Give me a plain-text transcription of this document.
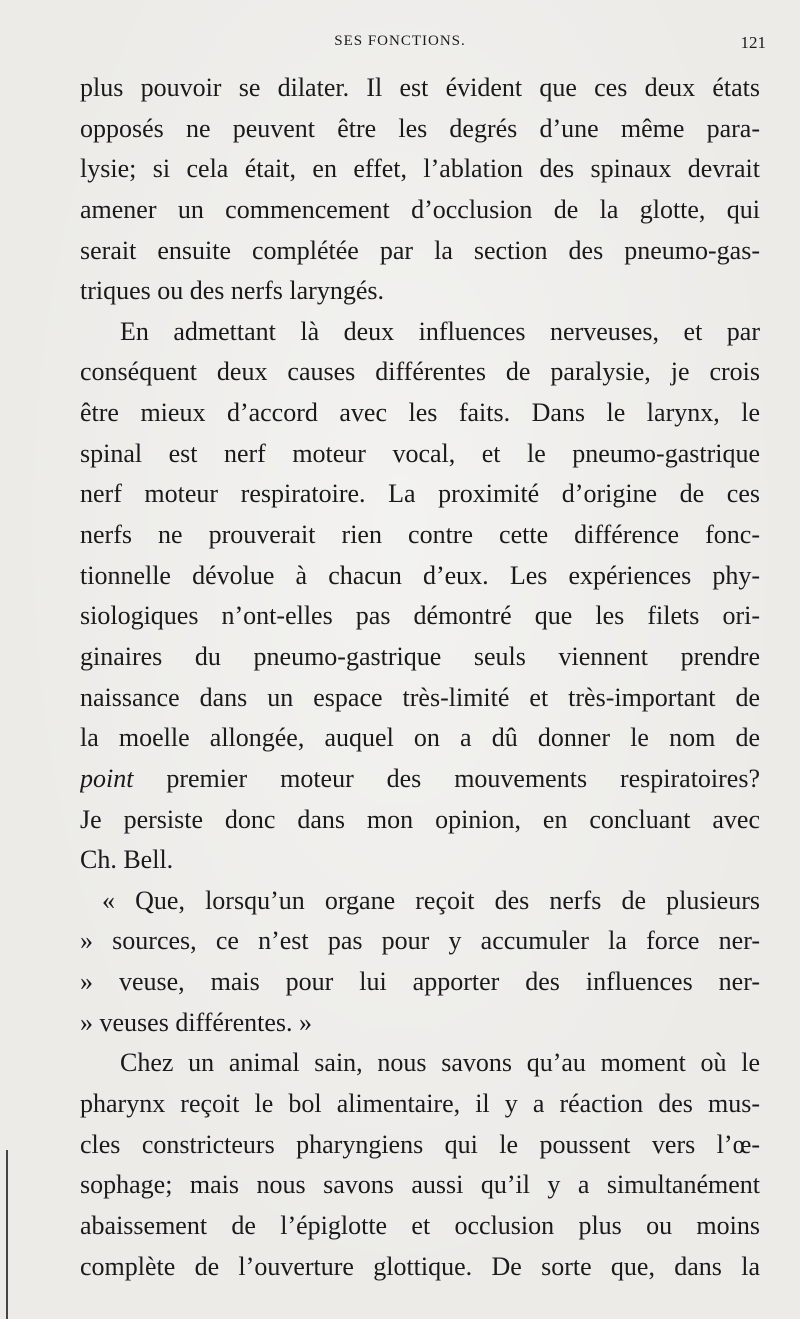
SES FONCTIONS.	121
plus pouvoir se dilater. Il est évident que ces deux états
opposés ne peuvent être les degrés d’une même para-
lysie; si cela était, en effet, l’ablation des spinaux devrait
amener un commencement d’occlusion de la glotte, qui
serait ensuite complétée par la section des pneumo-gas-
triques ou des nerfs laryngés.
En admettant là deux influences nerveuses, et par
conséquent deux causes différentes de paralysie, je crois
être mieux d’accord avec les faits. Dans le larynx, le
spinal est nerf moteur vocal, et le pneumo-gastrique
nerf moteur respiratoire. La proximité d’origine de ces
nerfs ne prouverait rien contre cette différence fonc-
tionnelle dévolue à chacun d’eux. Les expériences phy-
siologiques n’ont-elles pas démontré que les filets ori-
ginaires du pneumo-gastrique seuls viennent prendre
naissance dans un espace très-limité et très-important de
la moelle allongée, auquel on a dû donner le nom de
point premier moteur des mouvements respiratoires?
Je persiste donc dans mon opinion, en concluant avec
Ch. Bell.
« Que, lorsqu’un organe reçoit des nerfs de plusieurs
» sources, ce n’est pas pour y accumuler la force ner-
» veuse, mais pour lui apporter des influences ner-
» veuses différentes. »
Chez un animal sain, nous savons qu’au moment où le
pharynx reçoit le bol alimentaire, il y a réaction des mus-
cles constricteurs pharyngiens qui le poussent vers l’œ-
sophage; mais nous savons aussi qu’il y a simultanément
abaissement de l’épiglotte et occlusion plus ou moins
complète de l’ouverture glottique. De sorte que, dans la
